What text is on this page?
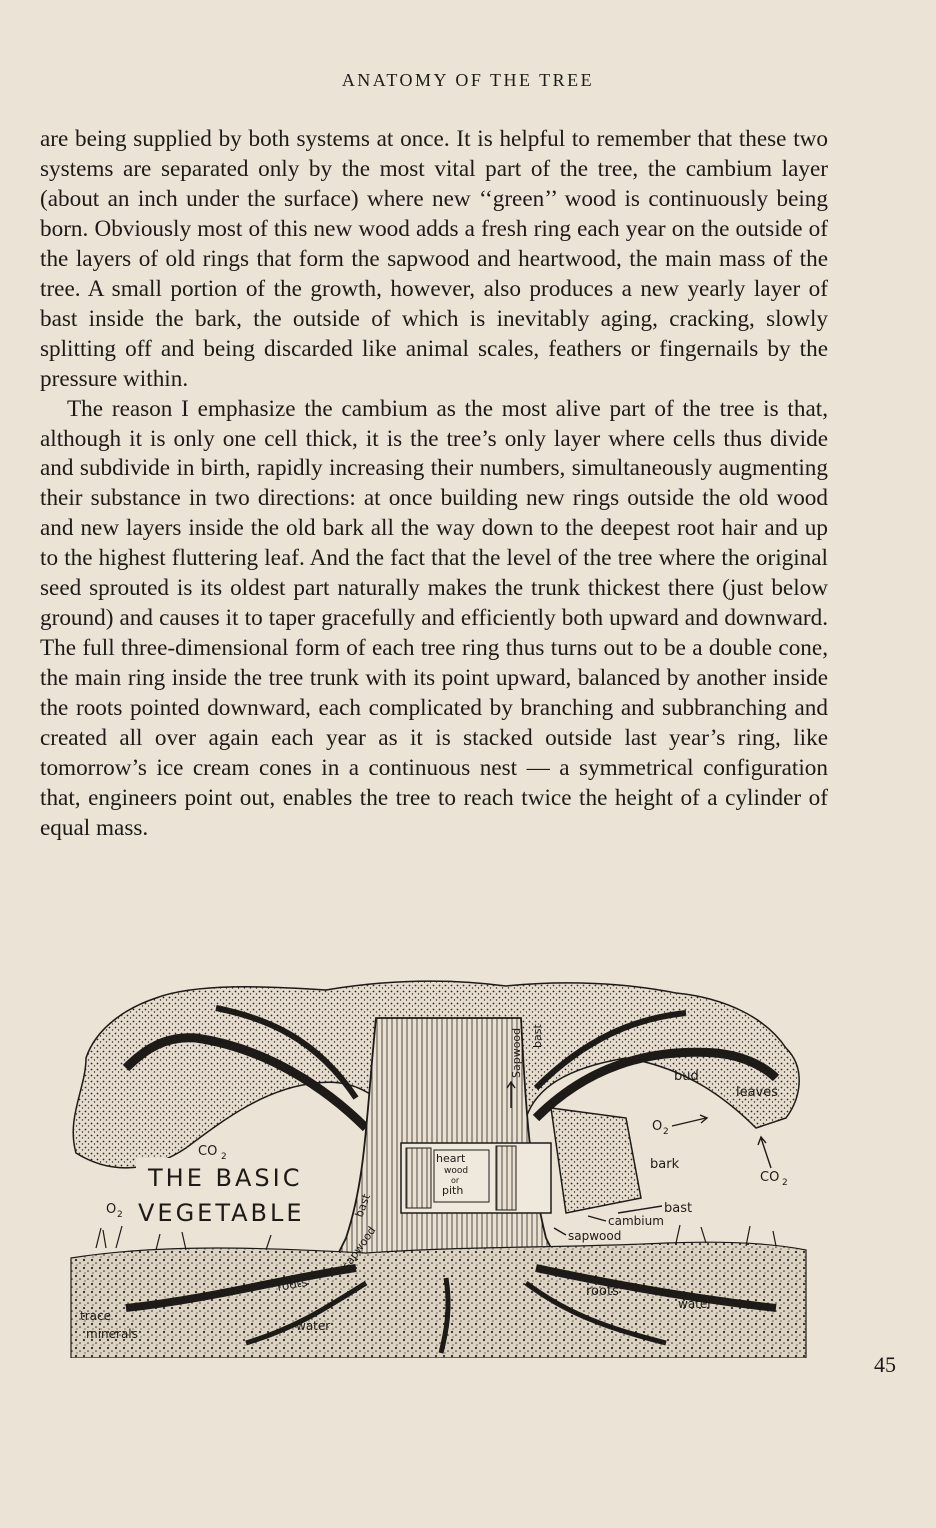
ANATOMY OF THE TREE

are being supplied by both systems at once. It is helpful to remember that these two systems are separated only by the most vital part of the tree, the cambium layer (about an inch under the surface) where new ‘‘green’’ wood is continuously being born. Obviously most of this new wood adds a fresh ring each year on the outside of the layers of old rings that form the sapwood and heartwood, the main mass of the tree. A small portion of the growth, however, also produces a new yearly layer of bast inside the bark, the outside of which is inevitably aging, cracking, slowly splitting off and being discarded like animal scales, feathers or fingernails by the pressure within.

The reason I emphasize the cambium as the most alive part of the tree is that, although it is only one cell thick, it is the tree’s only layer where cells thus divide and subdivide in birth, rapidly increasing their numbers, simultaneously augmenting their substance in two directions: at once building new rings outside the old wood and new layers inside the old bark all the way down to the deepest root hair and up to the highest fluttering leaf. And the fact that the level of the tree where the original seed sprouted is its oldest part naturally makes the trunk thickest there (just below ground) and causes it to taper gracefully and efficiently both upward and downward. The full three-dimensional form of each tree ring thus turns out to be a double cone, the main ring inside the tree trunk with its point upward, balanced by another inside the roots pointed downward, each complicated by branching and subbranching and created all over again each year as it is stacked outside last year’s ring, like tomorrow’s ice cream cones in a continuous nest — a symmetrical configuration that, engineers point out, enables the tree to reach twice the height of a cylinder of equal mass.

THE BASIC
VEGETABLE
CO 2
O 2
O 2
CO 2
bud
leaves
bark
Sapwood bast
heart
wood
or
pith
bast
cambium
sapwood
bast
sapwood
roots	roots
water
water
trace
minerals
45
